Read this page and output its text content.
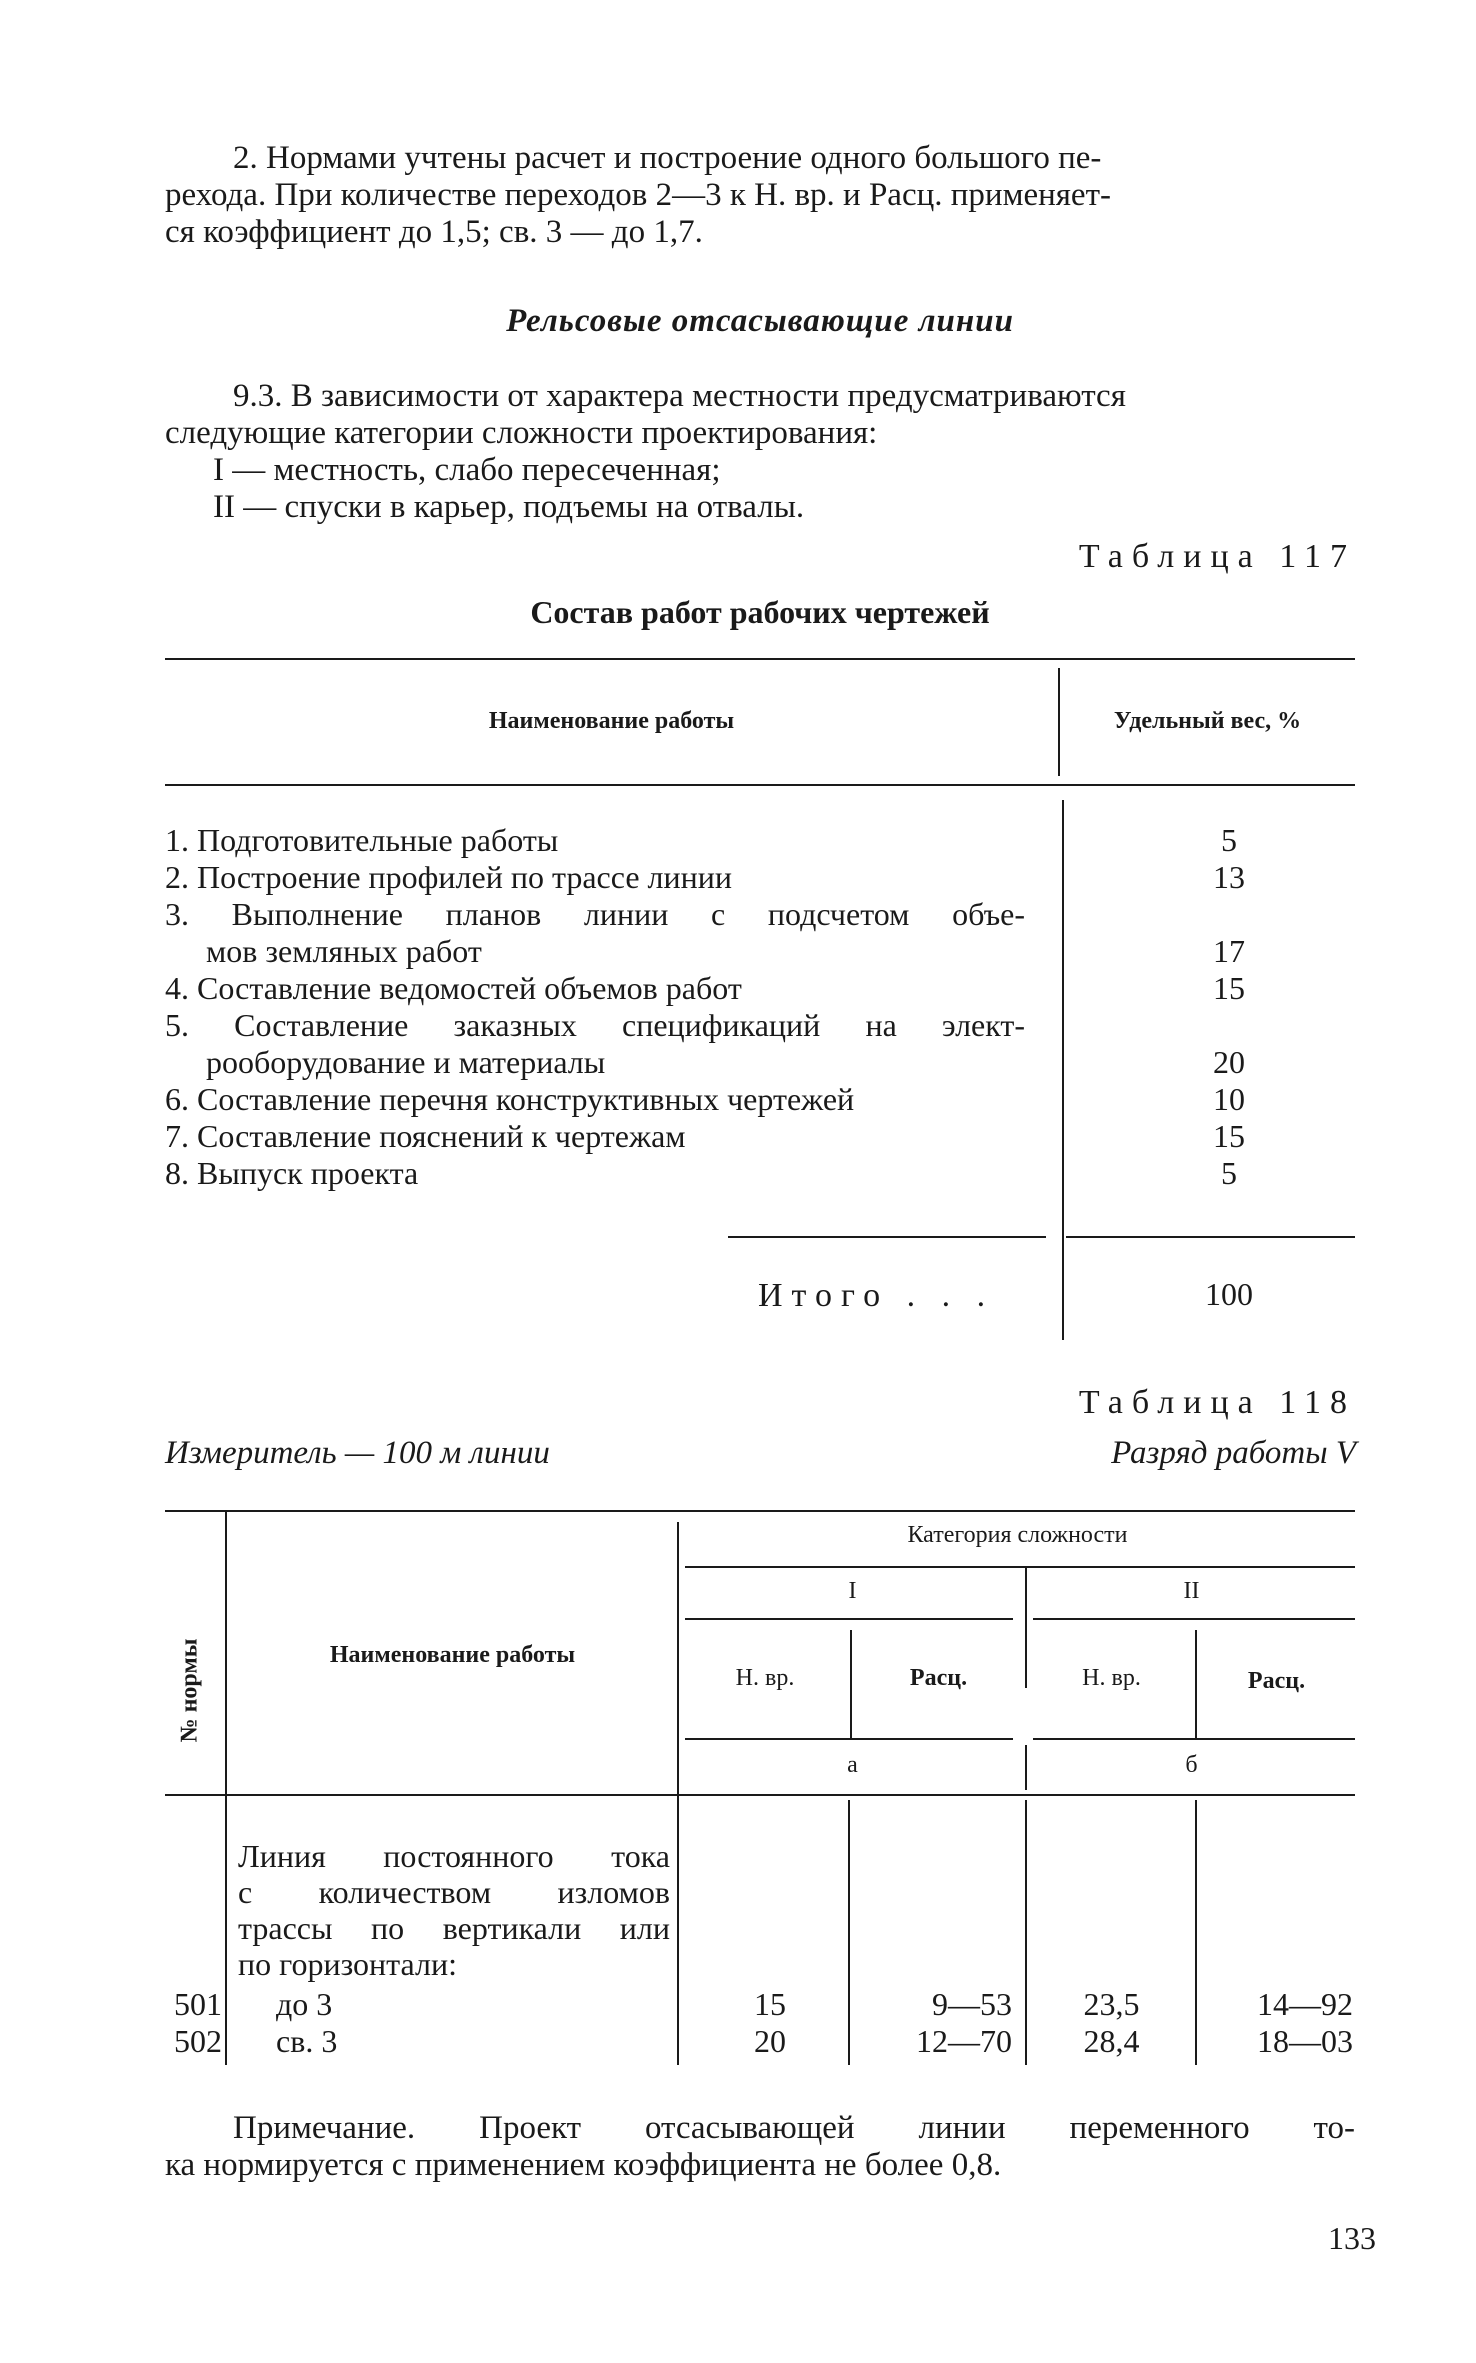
2. Нормами учтены расчет и построение одного большого пе-

рехода. При количестве переходов 2—3 к Н. вр. и Расц. применяет-

ся коэффициент до 1,5; св. 3 — до 1,7.

Рельсовые отсасывающие линии

9.3. В зависимости от характера местности предусматриваются

следующие категории сложности проектирования:

I — местность, слабо пересеченная;

II — спуски в карьер, подъемы на отвалы.

Таблица 117
Состав работ рабочих чертежей
Наименование работы	Удельный вес, %
1. Подготовительные работы	5
2. Построение профилей по трассе линии	13
3. Выполнение планов линии с подсчетом объе-
мов земляных работ	17
4. Составление ведомостей объемов работ	15
5. Составление заказных спецификаций на элект-
рооборудование и материалы	20
6. Составление перечня конструктивных чертежей	10
7. Составление пояснений к чертежам	15
8. Выпуск проекта	5
Итого . . .	100
Таблица 118
Измеритель — 100 м линии	Разряд работы V
№ нормы	Наименование работы
Категория сложности
I	II
Н. вр.	Расц.	Н. вр.	Расц.
а	б
Линия постоянного тока
с количеством изломов
трассы по вертикали или
по горизонтали:
501 до 3	15	9—53	23,5	14—92
502 св. 3	20	12—70	28,4	18—03

Примечание. Проект отсасывающей линии переменного то-

ка нормируется с применением коэффициента не более 0,8.

133
